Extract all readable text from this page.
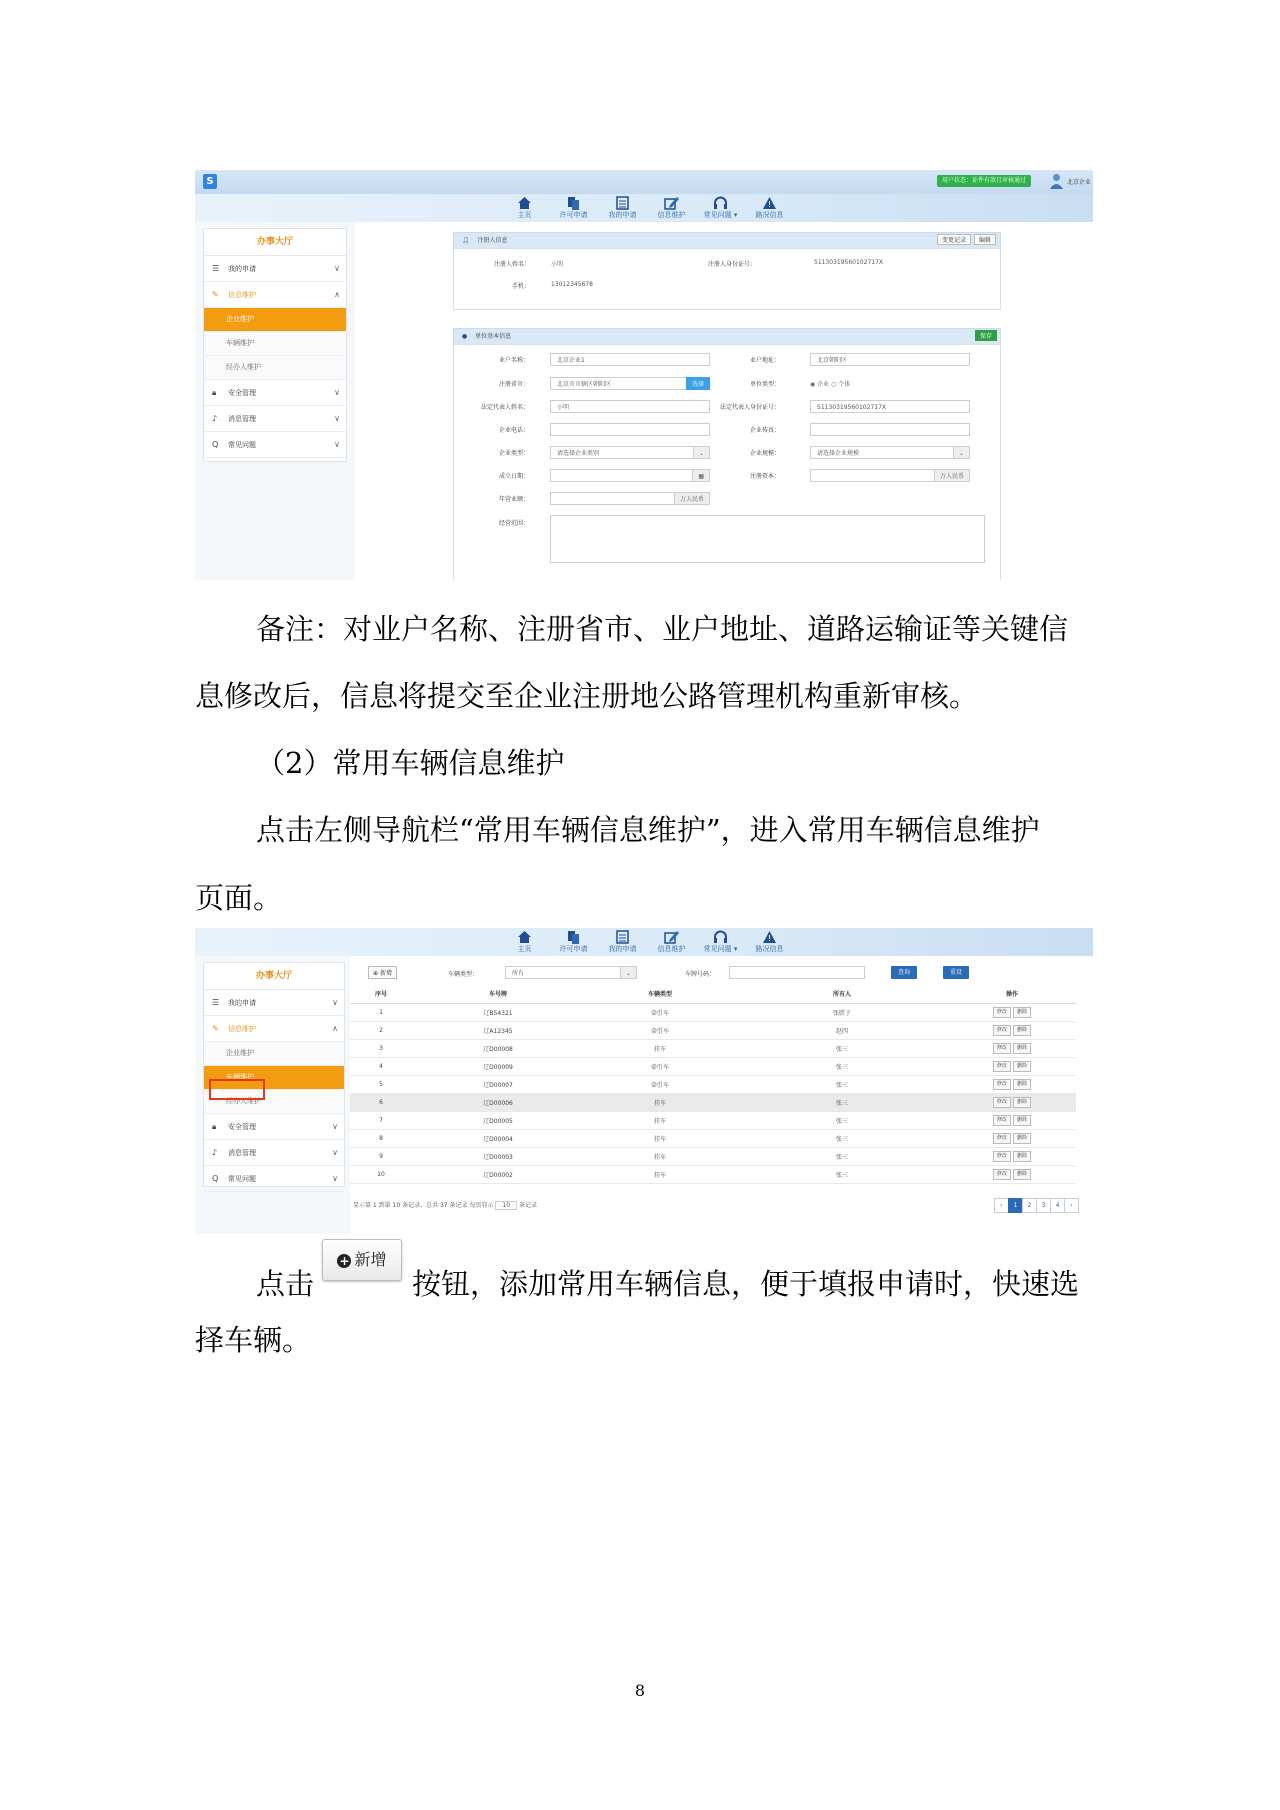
S	用户状态：证件有效且审核通过	北京企业
主页	许可申请	我的申请	信息维护	常见问题 ▾	路况信息
办事大厅
☰ 我的申请	∨
✎ 信息维护	∧
企业维护
车辆维护
经办人维护
🔒︎ 安全管理	∨
♪ 消息管理	∨
Q 常见问题	∨
👤︎ 注册人信息	变更记录	编辑
注册人姓名：	小明	注册人身份证号：	51130319560102717X
手机：	13012345678
● 单位基本信息	保存
业户名称：	北京企业1	业户地址：	北京朝阳区
注册省市：	北京市市辖区朝阳区	选择	单位类型：	◉ 企业 ○ 个体
法定代表人姓名：	小明	法定代表人身份证号：	51130319560102717X
企业电话：	企业传真：
企业类型：	请选择企业类别	⌄	企业规模：	请选择企业规模	⌄
成立日期：	▦	注册资本：	万人民币
年营业额：	万人民币
经营范围：
备注：对业户名称、注册省市、业户地址、道路运输证等关键信
息修改后，信息将提交至企业注册地公路管理机构重新审核。
（2）常用车辆信息维护
点击左侧导航栏“常用车辆信息维护”，进入常用车辆信息维护
页面。
主页	许可申请	我的申请	信息维护	常见问题 ▾	路况信息
办事大厅
☰ 我的申请	∨
✎ 信息维护	∧
企业维护
车辆维护
经办人维护
🔒︎ 安全管理	∨
♪ 消息管理	∨
Q 常见问题	∨
⊕ 新增	车辆类型：	所有	⌄	车牌号码：	查询	重设
序号	车号牌	车辆类型	所有人	操作
1	辽B54321	牵引车	张胖子	修改 删除
2	辽A12345	牵引车	赵四	修改 删除
3	辽D00008	挂车	张三	修改 删除
4	辽D00009	牵引车	张三	修改 删除
5	辽D00007	牵引车	张三	修改 删除
6	辽D00006	挂车	张三	修改 删除
7	辽D00005	挂车	张三	修改 删除
8	辽D00004	挂车	张三	修改 删除
9	辽D00003	挂车	张三	修改 删除
10	辽D00002	挂车	张三	修改 删除
显示第 1 到第 10 条记录，总共 37 条记录 每页显示 10 条记录	‹	1	2	3	4	›
点击
+ 新增
按钮，添加常用车辆信息，便于填报申请时，快速选
择车辆。
8
